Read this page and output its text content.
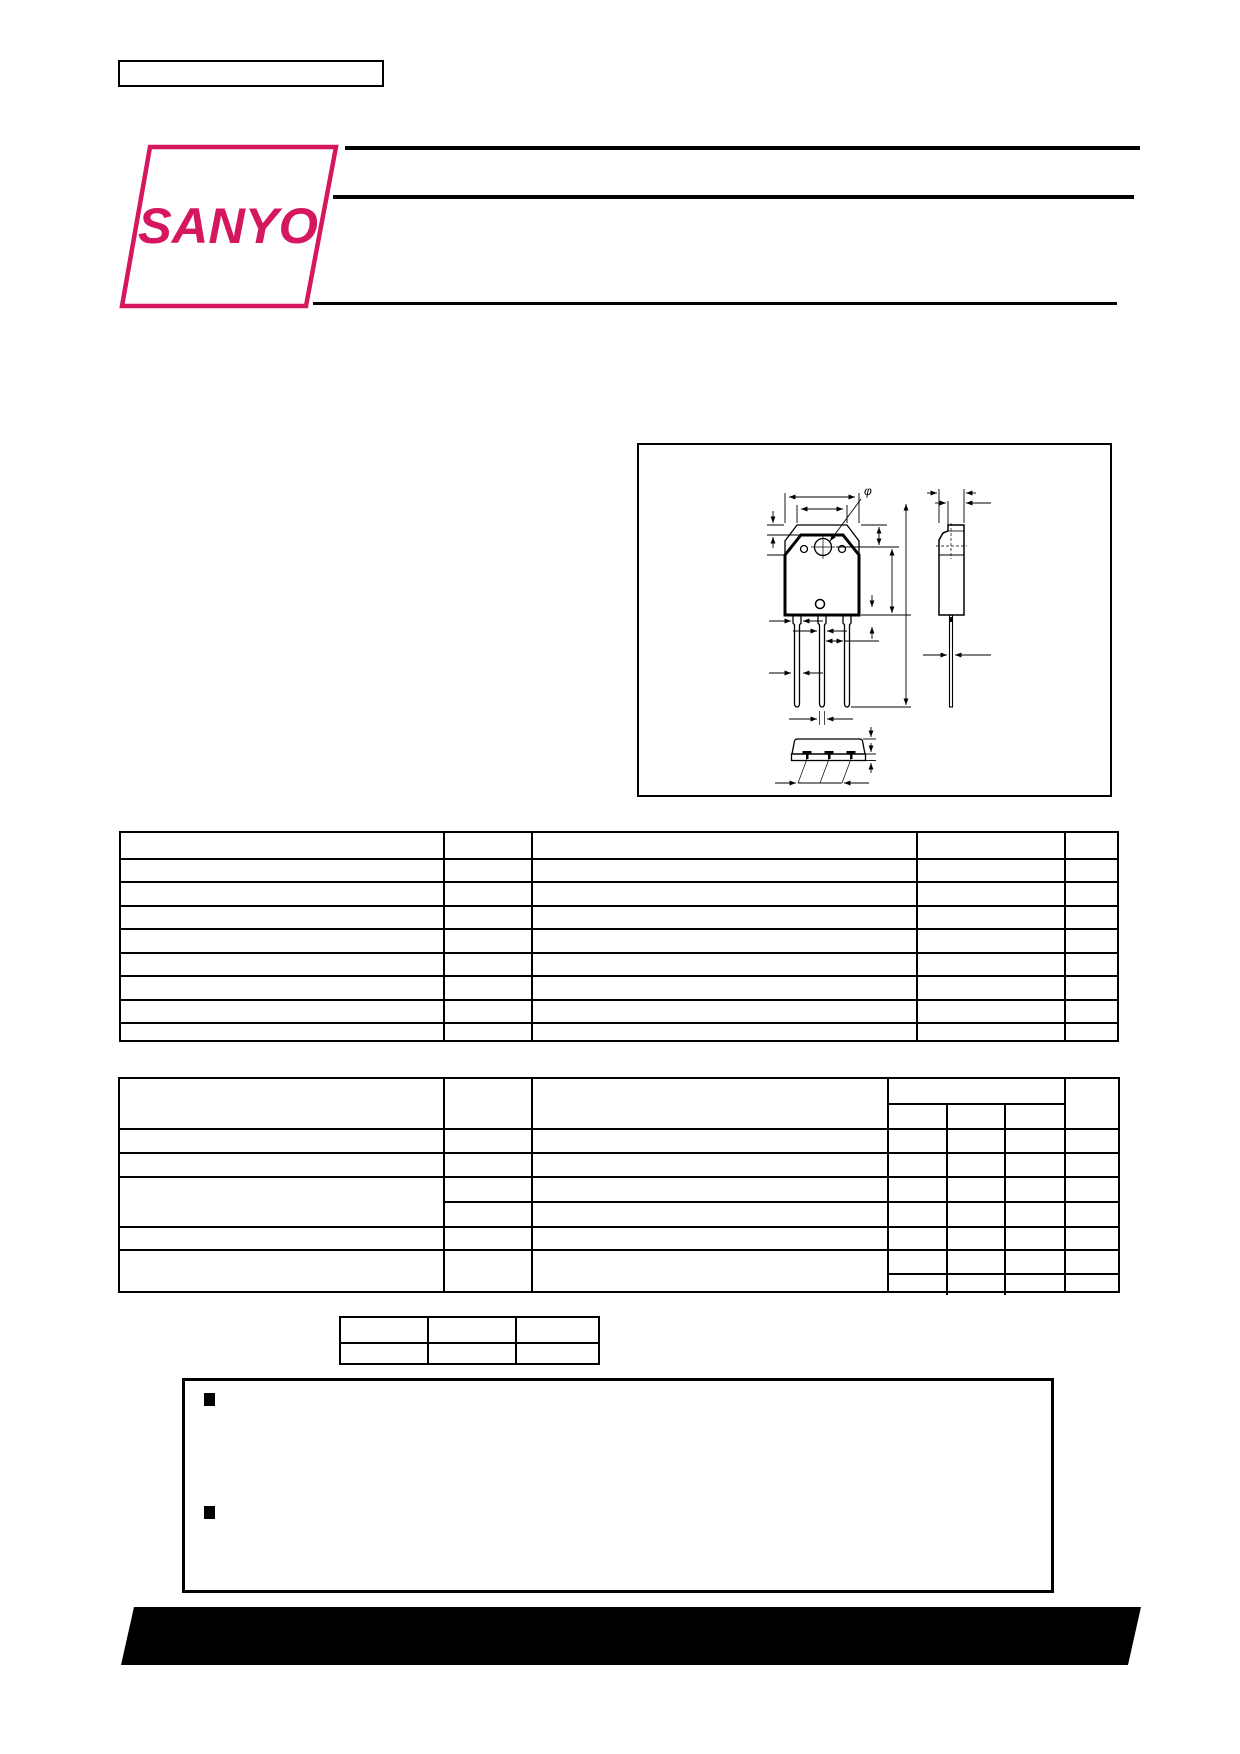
SANYO
φ
